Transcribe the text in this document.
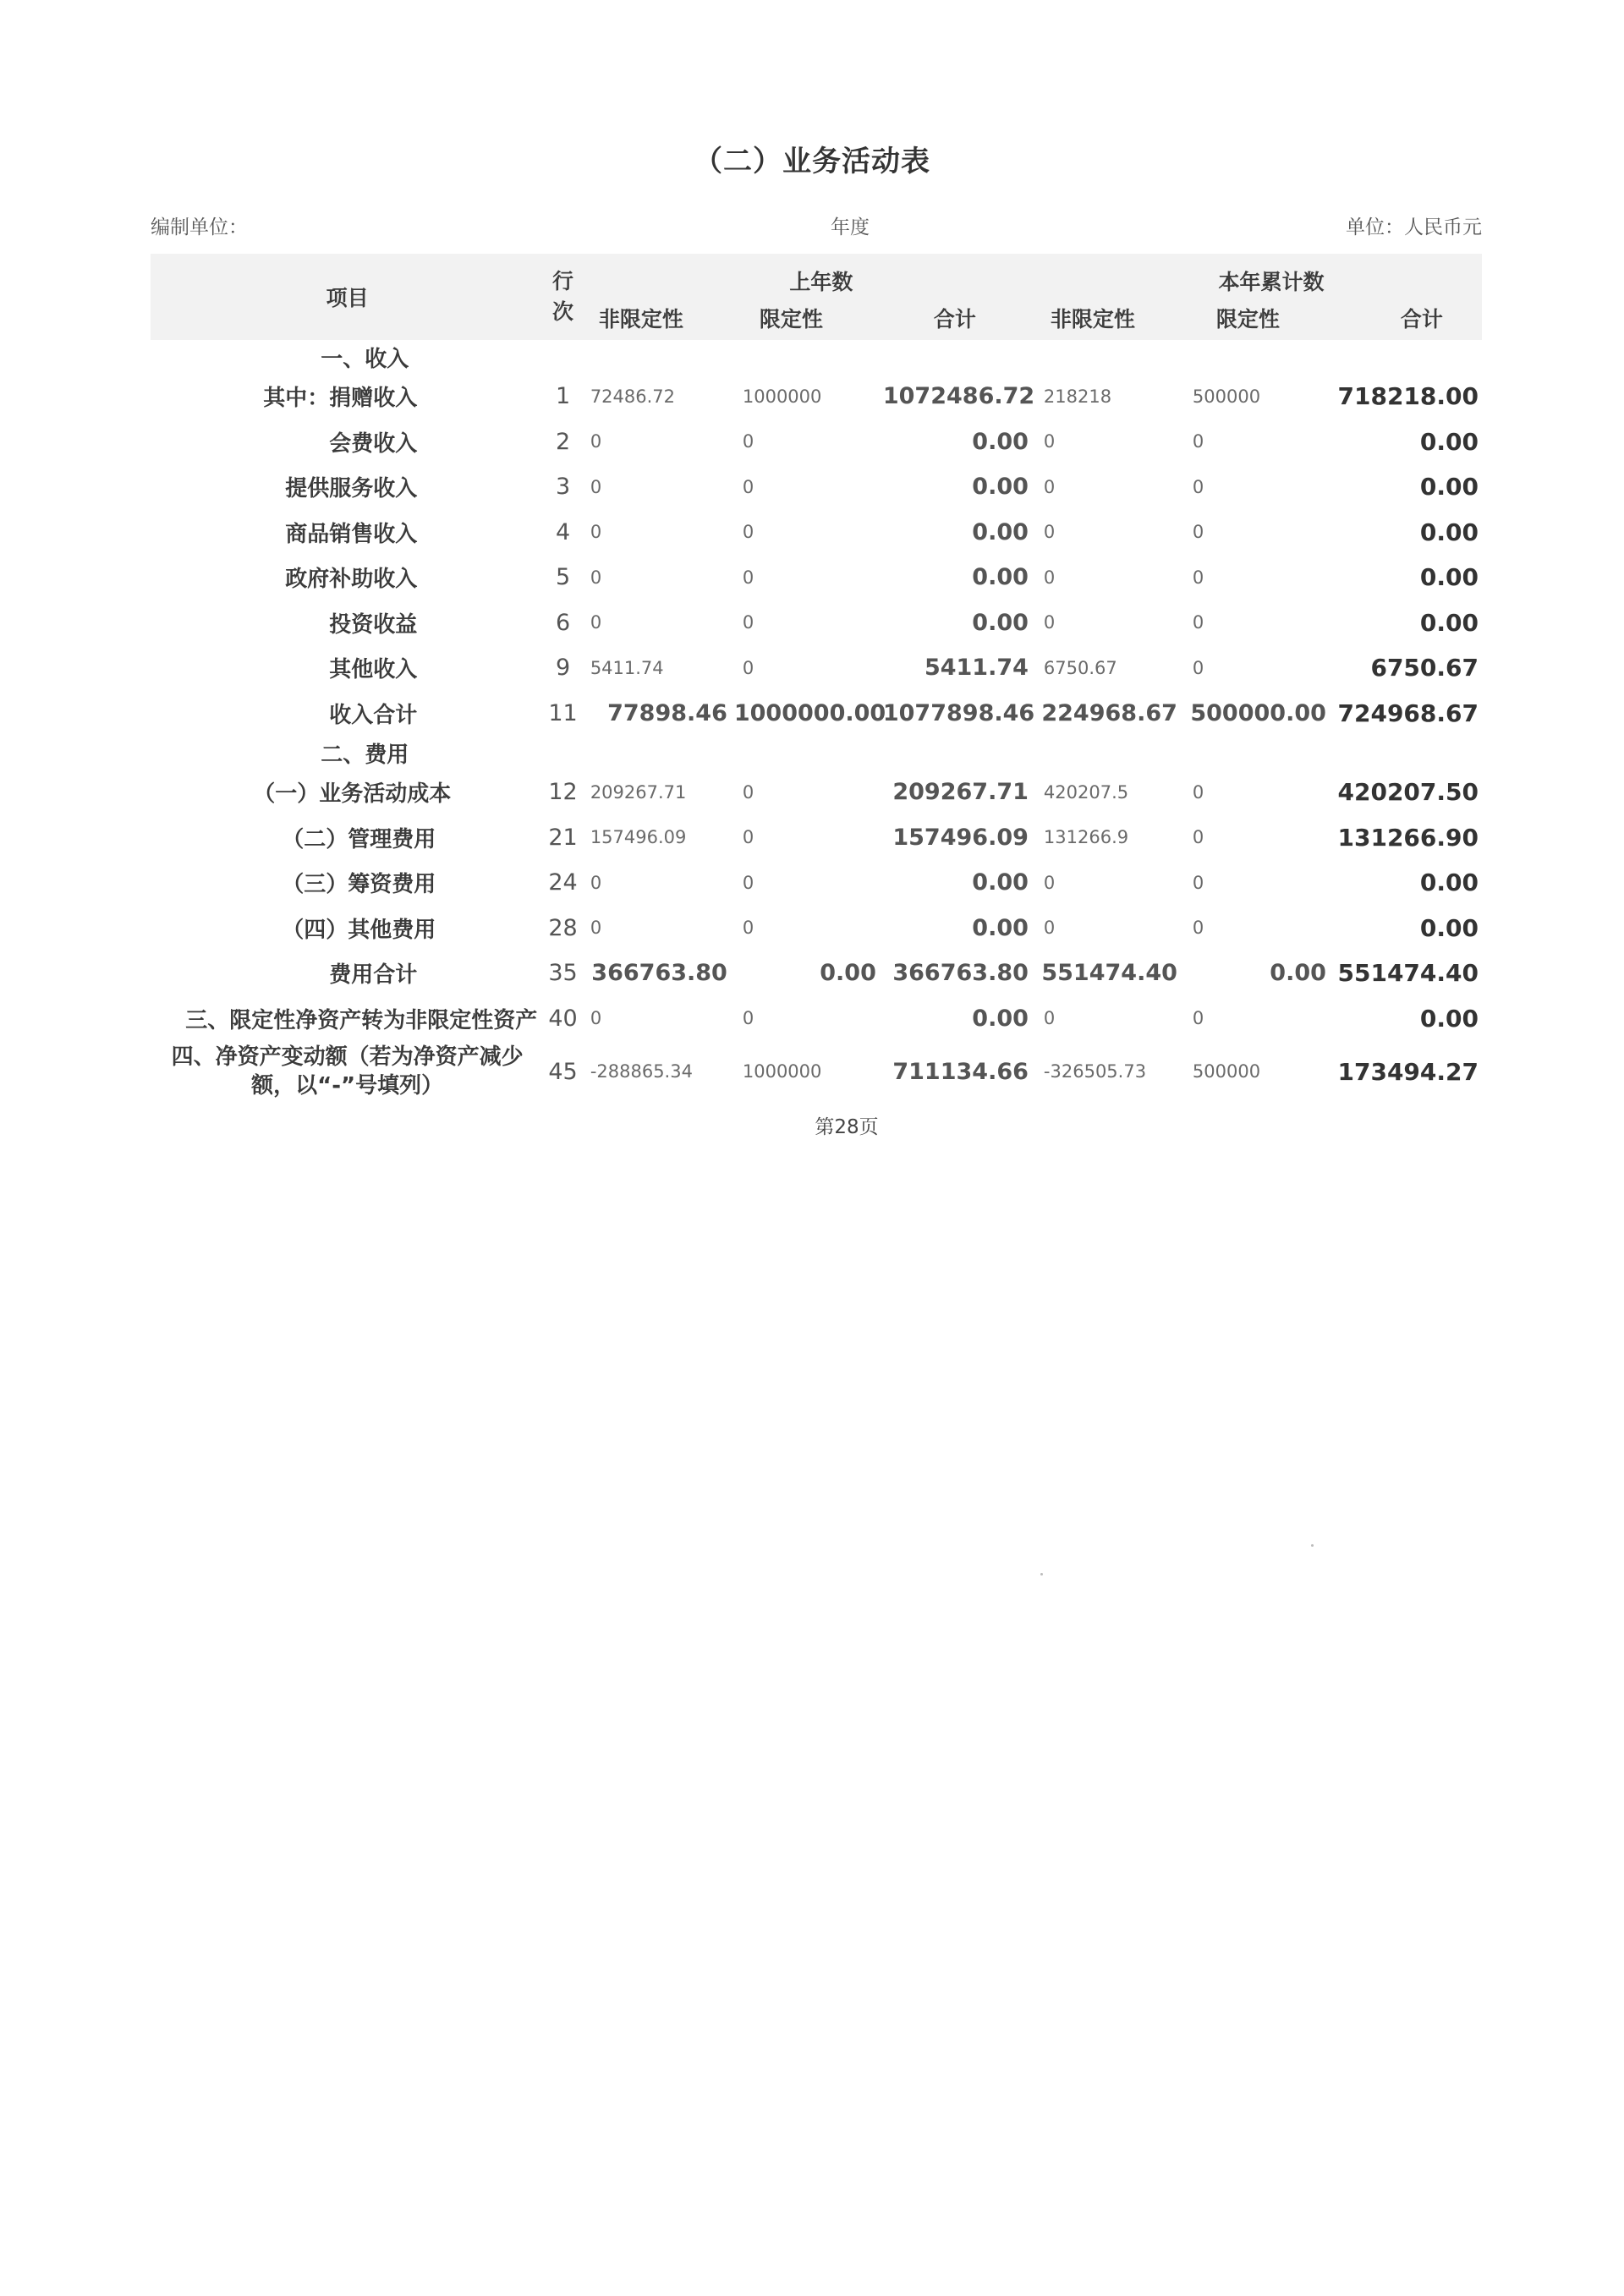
（二）业务活动表
编制单位：	年度	单位：人民币元
项目	行次	上年数			本年累计数		
		非限定性	限定性	合计	非限定性	限定性	合计
一、收入							
其中：捐赠收入	1	72486.72	1000000	1072486.72	218218	500000	718218.00
会费收入	2	0	0	0.00	0	0	0.00
提供服务收入	3	0	0	0.00	0	0	0.00
商品销售收入	4	0	0	0.00	0	0	0.00
政府补助收入	5	0	0	0.00	0	0	0.00
投资收益	6	0	0	0.00	0	0	0.00
其他收入	9	5411.74	0	5411.74	6750.67	0	6750.67
收入合计	11	77898.46	1000000.00	1077898.46	224968.67	500000.00	724968.67
二、费用							
（一）业务活动成本	12	209267.71	0	209267.71	420207.5	0	420207.50
（二）管理费用	21	157496.09	0	157496.09	131266.9	0	131266.90
（三）筹资费用	24	0	0	0.00	0	0	0.00
（四）其他费用	28	0	0	0.00	0	0	0.00
费用合计	35	366763.80	0.00	366763.80	551474.40	0.00	551474.40
三、限定性净资产转为非限定性资产	40	0	0	0.00	0	0	0.00
四、净资产变动额（若为净资产减少额，以“-”号填列）	45	-288865.34	1000000	711134.66	-326505.73	500000	173494.27
第28页
